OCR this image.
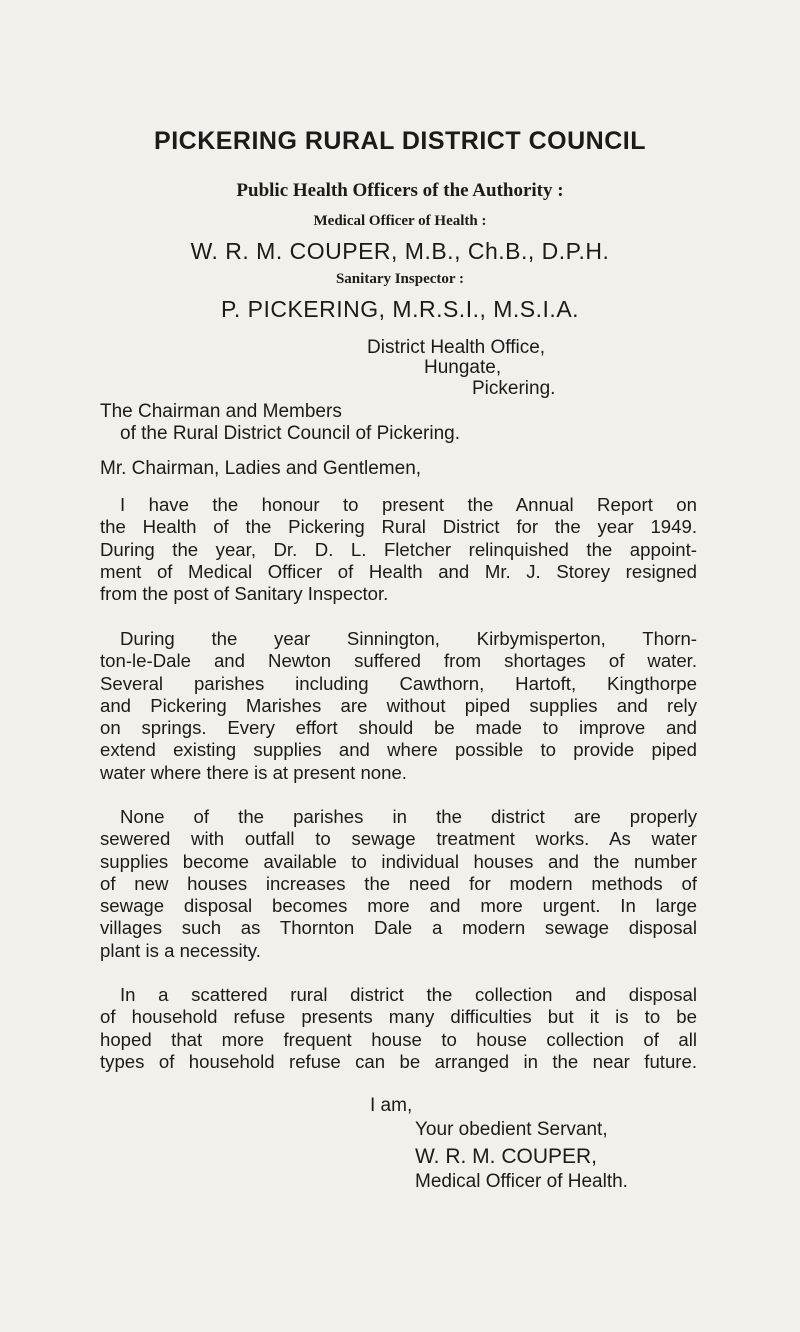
PICKERING RURAL DISTRICT COUNCIL
Public Health Officers of the Authority :
Medical Officer of Health :
W. R. M. COUPER, M.B., Ch.B., D.P.H.
Sanitary Inspector :
P. PICKERING, M.R.S.I., M.S.I.A.
District Health Office,
Hungate,
Pickering.
The Chairman and Members
of the Rural District Council of Pickering.
Mr. Chairman, Ladies and Gentlemen,
I have the honour to present the Annual Report on
the Health of the Pickering Rural District for the year 1949.
During the year, Dr. D. L. Fletcher relinquished the appoint-
ment of Medical Officer of Health and Mr. J. Storey resigned
from the post of Sanitary Inspector.
During the year Sinnington, Kirbymisperton, Thorn-
ton-le-Dale and Newton suffered from shortages of water.
Several parishes including Cawthorn, Hartoft, Kingthorpe
and Pickering Marishes are without piped supplies and rely
on springs. Every effort should be made to improve and
extend existing supplies and where possible to provide piped
water where there is at present none.
None of the parishes in the district are properly
sewered with outfall to sewage treatment works. As water
supplies become available to individual houses and the number
of new houses increases the need for modern methods of
sewage disposal becomes more and more urgent. In large
villages such as Thornton Dale a modern sewage disposal
plant is a necessity.
In a scattered rural district the collection and disposal
of household refuse presents many difficulties but it is to be
hoped that more frequent house to house collection of all
types of household refuse can be arranged in the near future.
I am,
Your obedient Servant,
W. R. M. COUPER,
Medical Officer of Health.
